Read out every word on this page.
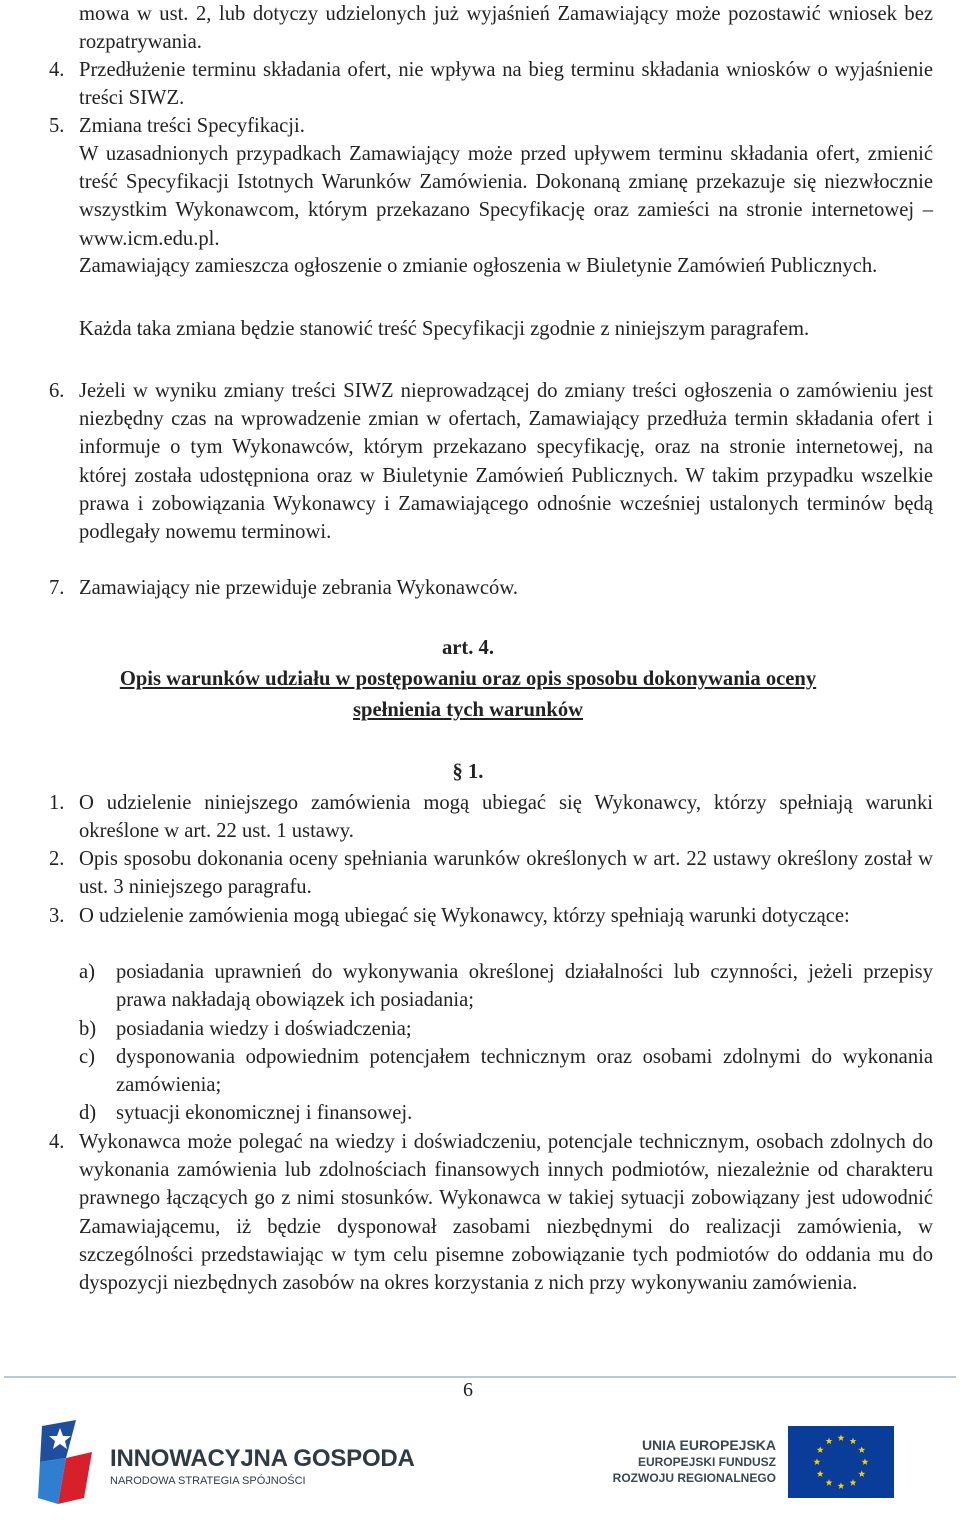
mowa w ust. 2, lub dotyczy udzielonych już wyjaśnień Zamawiający może pozostawić wniosek bez rozpatrywania.
4. Przedłużenie terminu składania ofert, nie wpływa na bieg terminu składania wniosków o wyjaśnienie treści SIWZ.
5. Zmiana treści Specyfikacji.
W uzasadnionych przypadkach Zamawiający może przed upływem terminu składania ofert, zmienić treść Specyfikacji Istotnych Warunków Zamówienia. Dokonaną zmianę przekazuje się niezwłocznie wszystkim Wykonawcom, którym przekazano Specyfikację oraz zamieści na stronie internetowej – www.icm.edu.pl.
Zamawiający zamieszcza ogłoszenie o zmianie ogłoszenia w Biuletynie Zamówień Publicznych.
Każda taka zmiana będzie stanowić treść Specyfikacji zgodnie z niniejszym paragrafem.
6. Jeżeli w wyniku zmiany treści SIWZ nieprowadzącej do zmiany treści ogłoszenia o zamówieniu jest niezbędny czas na wprowadzenie zmian w ofertach, Zamawiający przedłuża termin składania ofert i informuje o tym Wykonawców, którym przekazano specyfikację, oraz na stronie internetowej, na której została udostępniona oraz w Biuletynie Zamówień Publicznych. W takim przypadku wszelkie prawa i zobowiązania Wykonawcy i Zamawiającego odnośnie wcześniej ustalonych terminów będą podlegały nowemu terminowi.
7. Zamawiający nie przewiduje zebrania Wykonawców.
art. 4.
Opis warunków udziału w postępowaniu oraz opis sposobu dokonywania oceny
spełnienia tych warunków
§ 1.
1. O udzielenie niniejszego zamówienia mogą ubiegać się Wykonawcy, którzy spełniają warunki określone w art. 22 ust. 1 ustawy.
2. Opis sposobu dokonania oceny spełniania warunków określonych w art. 22 ustawy określony został w ust. 3 niniejszego paragrafu.
3. O udzielenie zamówienia mogą ubiegać się Wykonawcy, którzy spełniają warunki dotyczące:
a) posiadania uprawnień do wykonywania określonej działalności lub czynności, jeżeli przepisy prawa nakładają obowiązek ich posiadania;
b) posiadania wiedzy i doświadczenia;
c) dysponowania odpowiednim potencjałem technicznym oraz osobami zdolnymi do wykonania zamówienia;
d) sytuacji ekonomicznej i finansowej.
4. Wykonawca może polegać na wiedzy i doświadczeniu, potencjale technicznym, osobach zdolnych do wykonania zamówienia lub zdolnościach finansowych innych podmiotów, niezależnie od charakteru prawnego łączących go z nimi stosunków. Wykonawca w takiej sytuacji zobowiązany jest udowodnić Zamawiającemu, iż będzie dysponował zasobami niezbędnymi do realizacji zamówienia, w szczególności przedstawiając w tym celu pisemne zobowiązanie tych podmiotów do oddania mu do dyspozycji niezbędnych zasobów na okres korzystania z nich przy wykonywaniu zamówienia.
6
INNOWACYJNA GOSPODA
NARODOWA STRATEGIA SPÓJNOŚCI
UNIA EUROPEJSKA
EUROPEJSKI FUNDUSZ
ROZWOJU REGIONALNEGO
